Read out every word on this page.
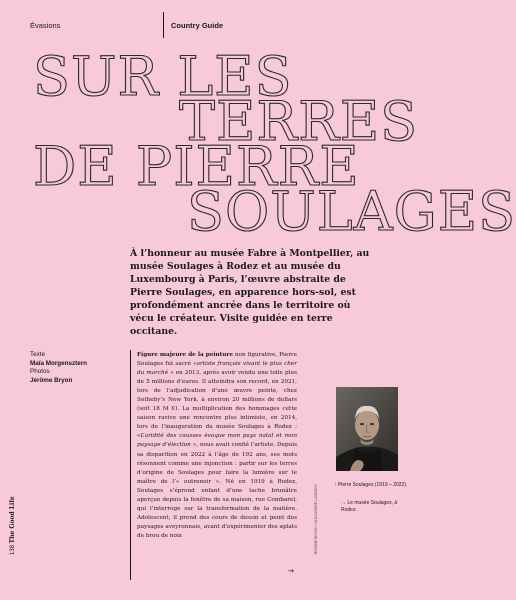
Évasions	Country Guide
SUR LES
TERRES
DE PIERRE
SOULAGES

À l’honneur au musée Fabre à Montpellier, au musée Soulages à Rodez et au musée du Luxembourg à Paris, l’œuvre abstraite de Pierre Soulages, en apparence hors-sol, est profondément ancrée dans le territoire où vécu le créateur. Visite guidée en terre occitane.

Texte
Maïa Morgensztern
Photos
Jérôme Bryon

Figure majeure de la peinture non figurative, Pierre Soulages fut sacré «artiste français vivant le plus cher du marché » en 2013, après avoir vendu une toile plus de 5 millions d’euros. Il atteindra son record, en 2021, lors de l’adjudication d’une œuvre peinte, chez Sotheby’s New York, à environ 20 millions de dollars (soit 18 M €). La multiplication des hommages cette saison ravive une rencontre plus intimiste, en 2014, lors de l’inauguration du musée Soulages à Rodez : «L’aridité des causses évoque mon pays natal et mon paysage d’élection », nous avait confié l’artiste. Depuis sa disparition en 2022 à l’âge de 102 ans, ses mots résonnent comme une injonction : partir sur les terres d’origine de Soulages pour faire la lumière sur le maître de l’« outrenoir ». Né en 1919 à Rodez, Soulages s’éprend enfant d’une tache brunâtre aperçue depuis la fenêtre de sa maison, rue Combarel, qui l’interroge sur la transformation de la matière. Adolescent, il prend des cours de dessin et peint des paysages aveyronnais, avant d’expérimenter des aplats de brou de noix

→
138 The Good Life	JEROME BRYON / ALEXANDRE LAURENT	↑ Pierre Soulages (1919 – 2022).
→ Le musée Soulages, à Rodez.
